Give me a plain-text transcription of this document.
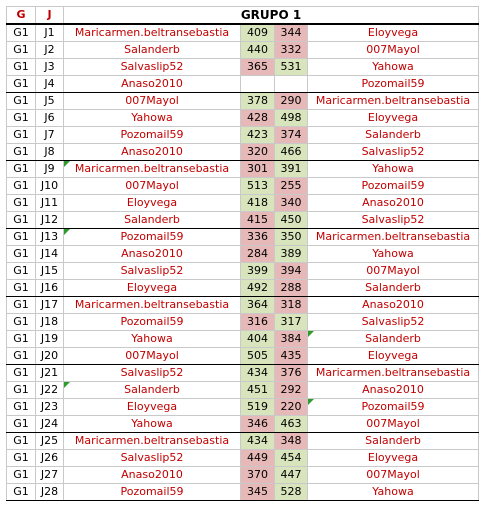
G	J	GRUPO 1			
G1	J1	Maricarmen.beltransebastia	409	344	Eloyvega
G1	J2	Salanderb	440	332	007Mayol
G1	J3	Salvaslip52	365	531	Yahowa
G1	J4	Anaso2010			Pozomail59
G1	J5	007Mayol	378	290	Maricarmen.beltransebastia
G1	J6	Yahowa	428	498	Eloyvega
G1	J7	Pozomail59	423	374	Salanderb
G1	J8	Anaso2010	320	466	Salvaslip52
G1	J9	Maricarmen.beltransebastia	301	391	Yahowa
G1	J10	007Mayol	513	255	Pozomail59
G1	J11	Eloyvega	418	340	Anaso2010
G1	J12	Salanderb	415	450	Salvaslip52
G1	J13	Pozomail59	336	350	Maricarmen.beltransebastia
G1	J14	Anaso2010	284	389	Yahowa
G1	J15	Salvaslip52	399	394	007Mayol
G1	J16	Eloyvega	492	288	Salanderb
G1	J17	Maricarmen.beltransebastia	364	318	Anaso2010
G1	J18	Pozomail59	316	317	Salvaslip52
G1	J19	Yahowa	404	384	Salanderb
G1	J20	007Mayol	505	435	Eloyvega
G1	J21	Salvaslip52	434	376	Maricarmen.beltransebastia
G1	J22	Salanderb	451	292	Anaso2010
G1	J23	Eloyvega	519	220	Pozomail59
G1	J24	Yahowa	346	463	007Mayol
G1	J25	Maricarmen.beltransebastia	434	348	Salanderb
G1	J26	Salvaslip52	449	454	Eloyvega
G1	J27	Anaso2010	370	447	007Mayol
G1	J28	Pozomail59	345	528	Yahowa
